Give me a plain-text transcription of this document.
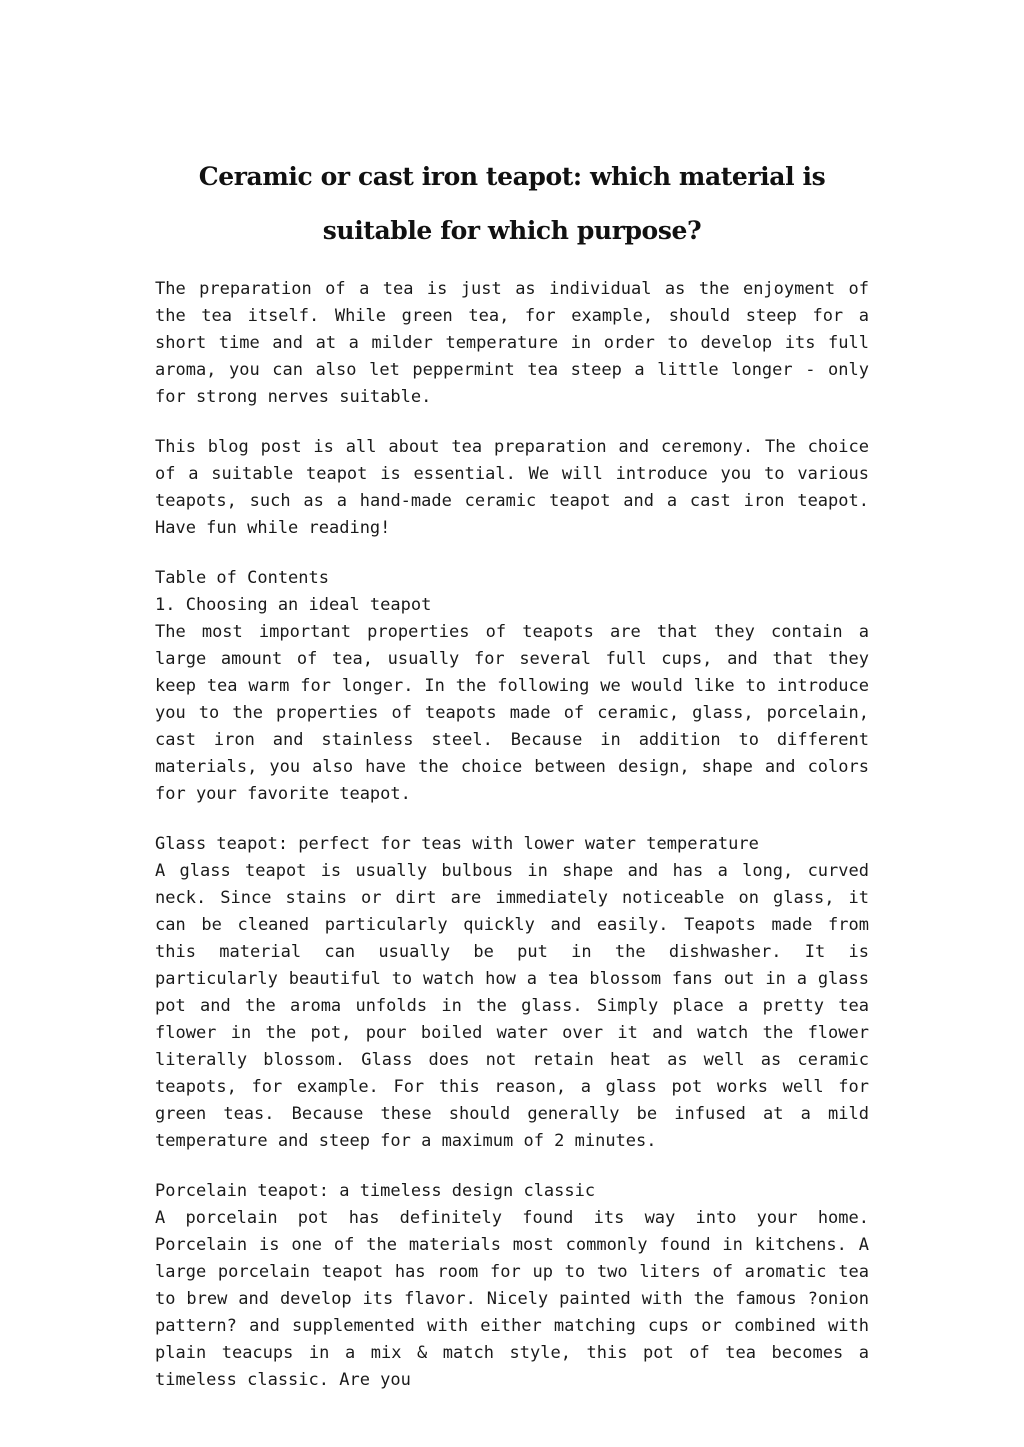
Ceramic or cast iron teapot: which material is suitable for which purpose?

The preparation of a tea is just as individual as the enjoyment of the tea itself. While green tea, for example, should steep for a short time and at a milder temperature in order to develop its full aroma, you can also let peppermint tea steep a little longer - only for strong nerves suitable.

This blog post is all about tea preparation and ceremony. The choice of a suitable teapot is essential. We will introduce you to various teapots, such as a hand-made ceramic teapot and a cast iron teapot. Have fun while reading!

Table of Contents
1. Choosing an ideal teapot
The most important properties of teapots are that they contain a large amount of tea, usually for several full cups, and that they keep tea warm for longer. In the following we would like to introduce you to the properties of teapots made of ceramic, glass, porcelain, cast iron and stainless steel. Because in addition to different materials, you also have the choice between design, shape and colors for your favorite teapot.
Glass teapot: perfect for teas with lower water temperature
A glass teapot is usually bulbous in shape and has a long, curved neck. Since stains or dirt are immediately noticeable on glass, it can be cleaned particularly quickly and easily. Teapots made from this material can usually be put in the dishwasher. It is particularly beautiful to watch how a tea blossom fans out in a glass pot and the aroma unfolds in the glass. Simply place a pretty tea flower in the pot, pour boiled water over it and watch the flower literally blossom. Glass does not retain heat as well as ceramic teapots, for example. For this reason, a glass pot works well for green teas. Because these should generally be infused at a mild temperature and steep for a maximum of 2 minutes.
Porcelain teapot: a timeless design classic
A porcelain pot has definitely found its way into your home. Porcelain is one of the materials most commonly found in kitchens. A large porcelain teapot has room for up to two liters of aromatic tea to brew and develop its flavor. Nicely painted with the famous ?onion pattern? and supplemented with either matching cups or combined with plain teacups in a mix & match style, this pot of tea becomes a timeless classic. Are you
